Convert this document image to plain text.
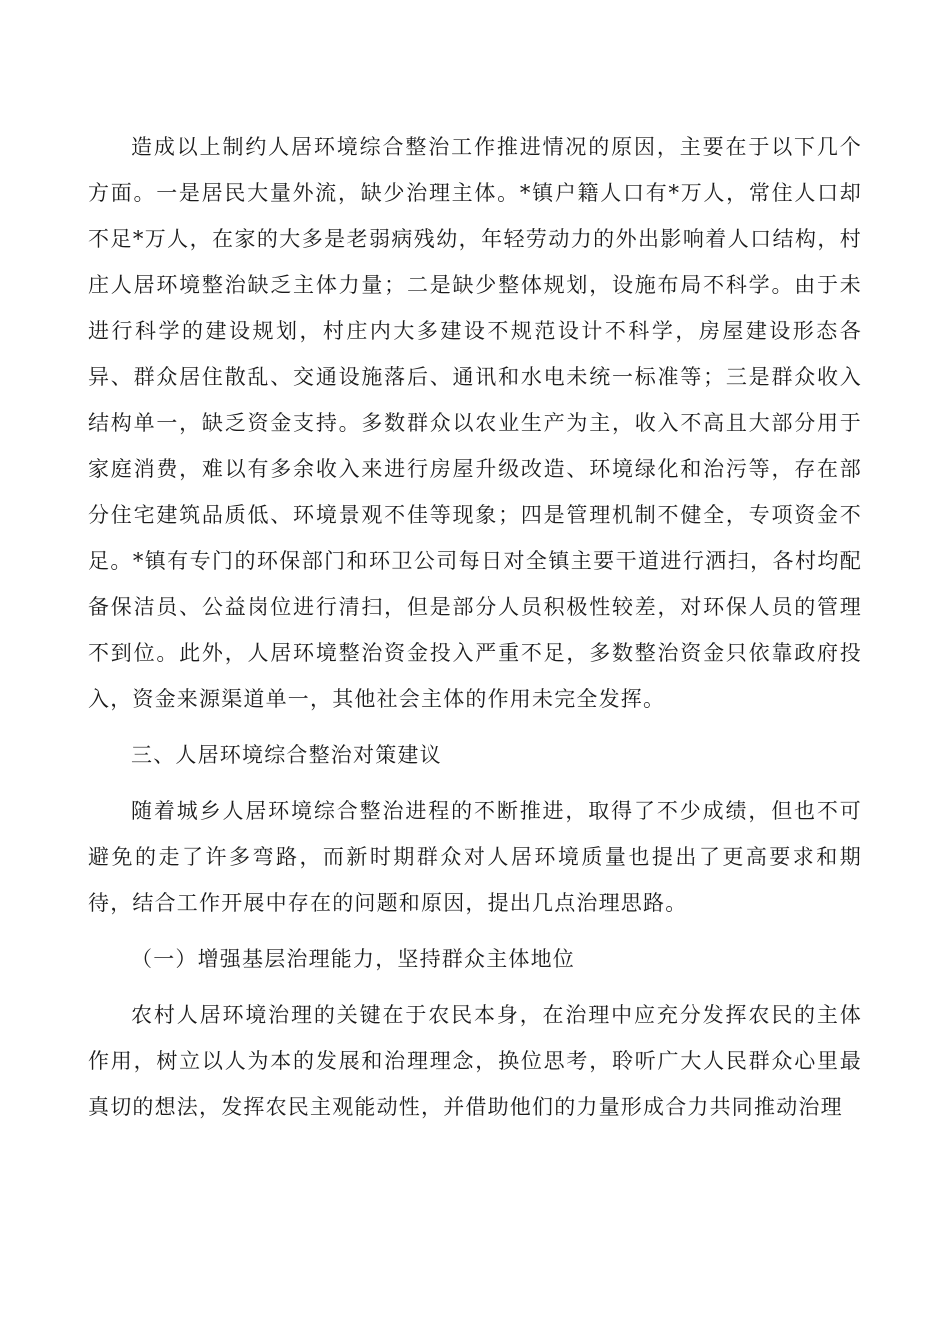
造成以上制约人居环境综合整治工作推进情况的原因，主要在于以下几个方面。一是居民大量外流，缺少治理主体。*镇户籍人口有*万人，常住人口却不足*万人，在家的大多是老弱病残幼，年轻劳动力的外出影响着人口结构，村庄人居环境整治缺乏主体力量；二是缺少整体规划，设施布局不科学。由于未进行科学的建设规划，村庄内大多建设不规范设计不科学，房屋建设形态各异、群众居住散乱、交通设施落后、通讯和水电未统一标准等；三是群众收入结构单一，缺乏资金支持。多数群众以农业生产为主，收入不高且大部分用于家庭消费，难以有多余收入来进行房屋升级改造、环境绿化和治污等，存在部分住宅建筑品质低、环境景观不佳等现象；四是管理机制不健全，专项资金不足。*镇有专门的环保部门和环卫公司每日对全镇主要干道进行洒扫，各村均配备保洁员、公益岗位进行清扫，但是部分人员积极性较差，对环保人员的管理不到位。此外，人居环境整治资金投入严重不足，多数整治资金只依靠政府投入，资金来源渠道单一，其他社会主体的作用未完全发挥。

三、人居环境综合整治对策建议

随着城乡人居环境综合整治进程的不断推进，取得了不少成绩，但也不可避免的走了许多弯路，而新时期群众对人居环境质量也提出了更高要求和期待，结合工作开展中存在的问题和原因，提出几点治理思路。

（一）增强基层治理能力，坚持群众主体地位

农村人居环境治理的关键在于农民本身，在治理中应充分发挥农民的主体作用，树立以人为本的发展和治理理念，换位思考，聆听广大人民群众心里最真切的想法，发挥农民主观能动性，并借助他们的力量形成合力共同推动治理
